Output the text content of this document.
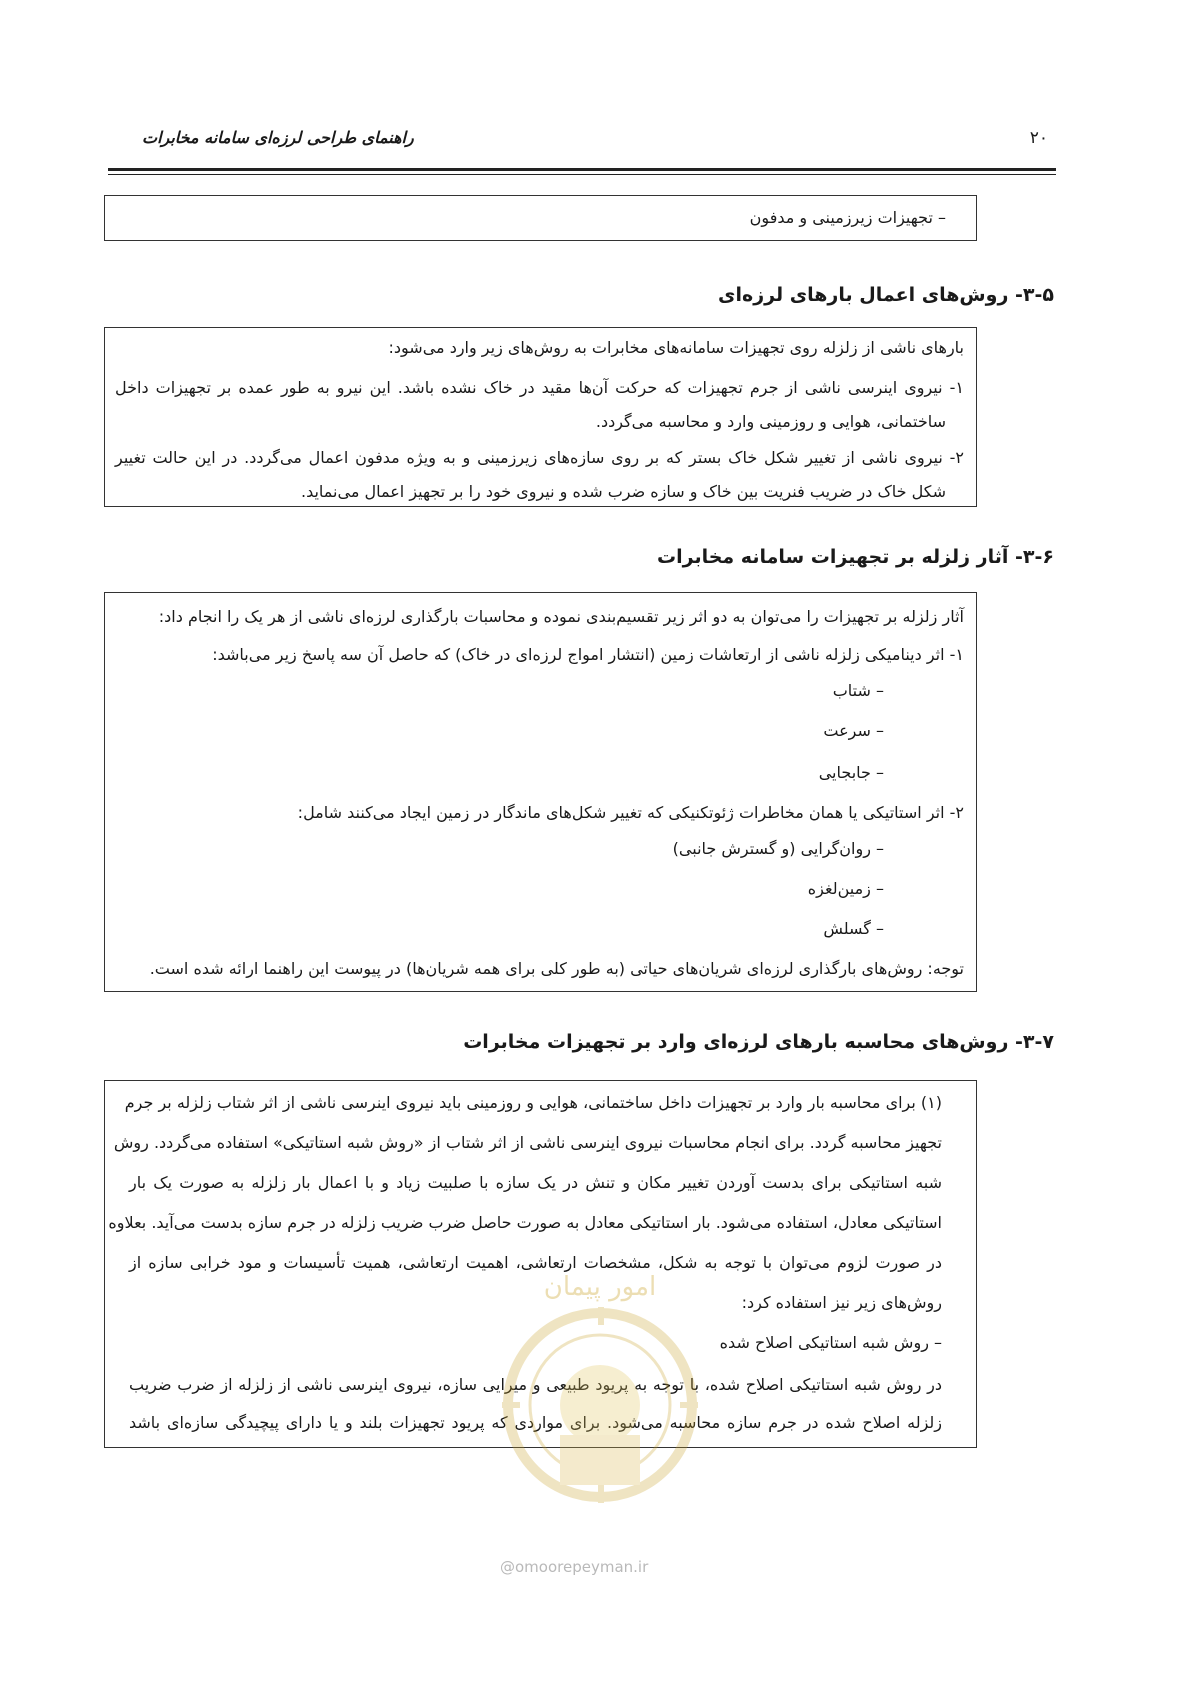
۲۰
راهنمای طراحی لرزه‌ای سامانه مخابرات
– تجهیزات زیرزمینی و مدفون
۳-۵- روش‌های اعمال بارهای لرزه‌ای
بارهای ناشی از زلزله روی تجهیزات سامانه‌های مخابرات به روش‌های زیر وارد می‌شود:
۱- نیروی اینرسی ناشی از جرم تجهیزات که حرکت آن‌ها مقید در خاک نشده باشد. این نیرو به طور عمده بر تجهیزات داخل
ساختمانی، هوایی و روزمینی وارد و محاسبه می‌گردد.
۲- نیروی ناشی از تغییر شکل خاک بستر که بر روی سازه‌های زیرزمینی و به ویژه مدفون اعمال می‌گردد. در این حالت تغییر
شکل خاک در ضریب فنریت بین خاک و سازه ضرب شده و نیروی خود را بر تجهیز اعمال می‌نماید.
۳-۶- آثار زلزله بر تجهیزات سامانه مخابرات
آثار زلزله بر تجهیزات را می‌توان به دو اثر زیر تقسیم‌بندی نموده و محاسبات بارگذاری لرزه‌ای ناشی از هر یک را انجام داد:
۱- اثر دینامیکی زلزله ناشی از ارتعاشات زمین (انتشار امواج لرزه‌ای در خاک) که حاصل آن سه پاسخ زیر می‌باشد:
– شتاب
– سرعت
– جابجایی
۲- اثر استاتیکی یا همان مخاطرات ژئوتکنیکی که تغییر شکل‌های ماندگار در زمین ایجاد می‌کنند شامل:
– روان‌گرایی (و گسترش جانبی)
– زمین‌لغزه
– گسلش
توجه: روش‌های بارگذاری لرزه‌ای شریان‌های حیاتی (به طور کلی برای همه شریان‌ها) در پیوست این راهنما ارائه شده است.
۳-۷- روش‌های محاسبه بارهای لرزه‌ای وارد بر تجهیزات مخابرات
(۱) برای محاسبه بار وارد بر تجهیزات داخل ساختمانی، هوایی و روزمینی باید نیروی اینرسی ناشی از اثر شتاب زلزله بر جرم
تجهیز محاسبه گردد. برای انجام محاسبات نیروی اینرسی ناشی از اثر شتاب از «روش شبه استاتیکی» استفاده می‌گردد. روش
شبه استاتیکی برای بدست آوردن تغییر مکان و تنش در یک سازه با صلبیت زیاد و با اعمال بار زلزله به صورت یک بار
استاتیکی معادل، استفاده می‌شود. بار استاتیکی معادل به صورت حاصل ضرب ضریب زلزله در جرم سازه بدست می‌آید. بعلاوه
در صورت لزوم می‌توان با توجه به شکل، مشخصات ارتعاشی، اهمیت ارتعاشی، همیت تأسیسات و مود خرابی سازه از
روش‌های زیر نیز استفاده کرد:
– روش شبه استاتیکی اصلاح شده
در روش شبه استاتیکی اصلاح شده، با توجه به پریود طبیعی و میرایی سازه، نیروی اینرسی ناشی از زلزله از ضرب ضریب
زلزله اصلاح شده در جرم سازه محاسبه می‌شود. برای مواردی که پریود تجهیزات بلند و یا دارای پیچیدگی سازه‌ای باشد
امور پیمان
@omoorepeyman.ir
